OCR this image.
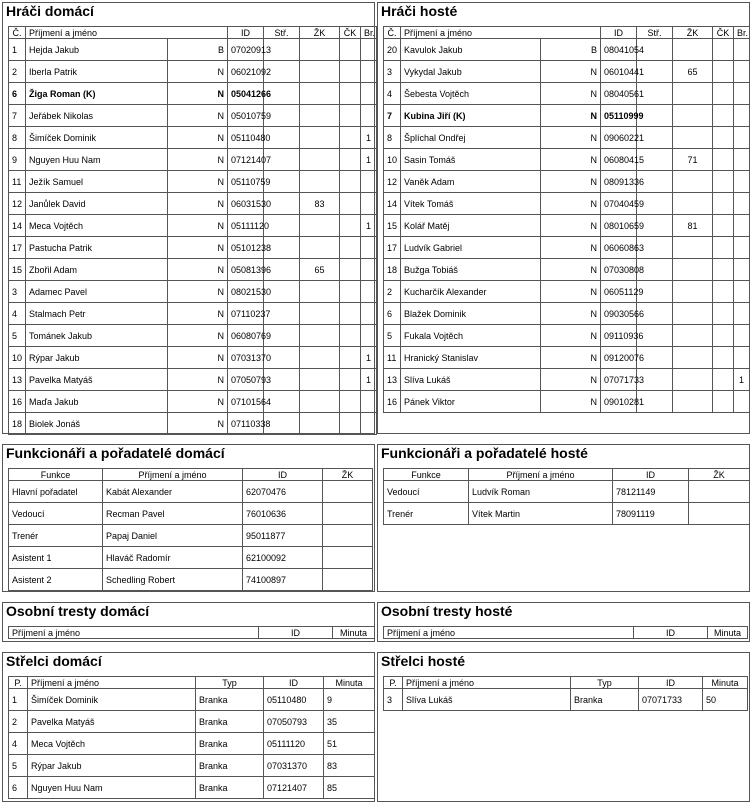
Hráči domácí
Č.	Příjmení a jméno		ID	Stř.	ŽK	ČK	Br.
1	Hejda Jakub	B	07020913				
2	Iberla Patrik	N	06021092				
6	Žiga Roman (K)	N	05041266				
7	Jeřábek Nikolas	N	05010759				
8	Šimíček Dominik	N	05110480				1
9	Nguyen Huu Nam	N	07121407				1
11	Ježík Samuel	N	05110759				
12	Janůlek David	N	06031530		83		
14	Meca Vojtěch	N	05111120				1
17	Pastucha Patrik	N	05101238				
15	Zbořil Adam	N	05081396		65		
3	Adamec Pavel	N	08021530				
4	Stalmach Petr	N	07110237				
5	Tománek Jakub	N	06080769				
10	Rýpar Jakub	N	07031370				1
13	Pavelka Matyáš	N	07050793				1
16	Maďa Jakub	N	07101564				
18	Biolek Jonáš	N	07110338				
Hráči hosté
Č.	Příjmení a jméno		ID	Stř.	ŽK	ČK	Br.
20	Kavulok Jakub	B	08041054				
3	Vykydal Jakub	N	06010441		65		
4	Šebesta Vojtěch	N	08040561				
7	Kubina Jiří (K)	N	05110999				
8	Šplíchal Ondřej	N	09060221				
10	Sasin Tomáš	N	06080415		71		
12	Vaněk Adam	N	08091336				
14	Vítek Tomáš	N	07040459				
15	Kolář Matěj	N	08010659		81		
17	Ludvík Gabriel	N	06060863				
18	Bužga Tobiáš	N	07030808				
2	Kucharčík Alexander	N	06051129				
6	Blažek Dominik	N	09030566				
5	Fukala Vojtěch	N	09110936				
11	Hranický Stanislav	N	09120076				
13	Slíva Lukáš	N	07071733				1
16	Pánek Viktor	N	09010281				
Funkcionáři a pořadatelé domácí
Funkce	Příjmení a jméno	ID	ŽK
Hlavní pořadatel	Kabát Alexander	62070476	
Vedoucí	Recman Pavel	76010636	
Trenér	Papaj Daniel	95011877	
Asistent 1	Hlaváč Radomír	62100092	
Asistent 2	Schedling Robert	74100897	
Funkcionáři a pořadatelé hosté
Funkce	Příjmení a jméno	ID	ŽK
Vedoucí	Ludvík Roman	78121149	
Trenér	Vítek Martin	78091119	
Osobní tresty domácí
Příjmení a jméno	ID	Minuta
Osobní tresty hosté
Příjmení a jméno	ID	Minuta
Střelci domácí
P.	Příjmení a jméno	Typ	ID	Minuta
1	Šimíček Dominik	Branka	05110480	9
2	Pavelka Matyáš	Branka	07050793	35
4	Meca Vojtěch	Branka	05111120	51
5	Rýpar Jakub	Branka	07031370	83
6	Nguyen Huu Nam	Branka	07121407	85
Střelci hosté
P.	Příjmení a jméno	Typ	ID	Minuta
3	Slíva Lukáš	Branka	07071733	50
